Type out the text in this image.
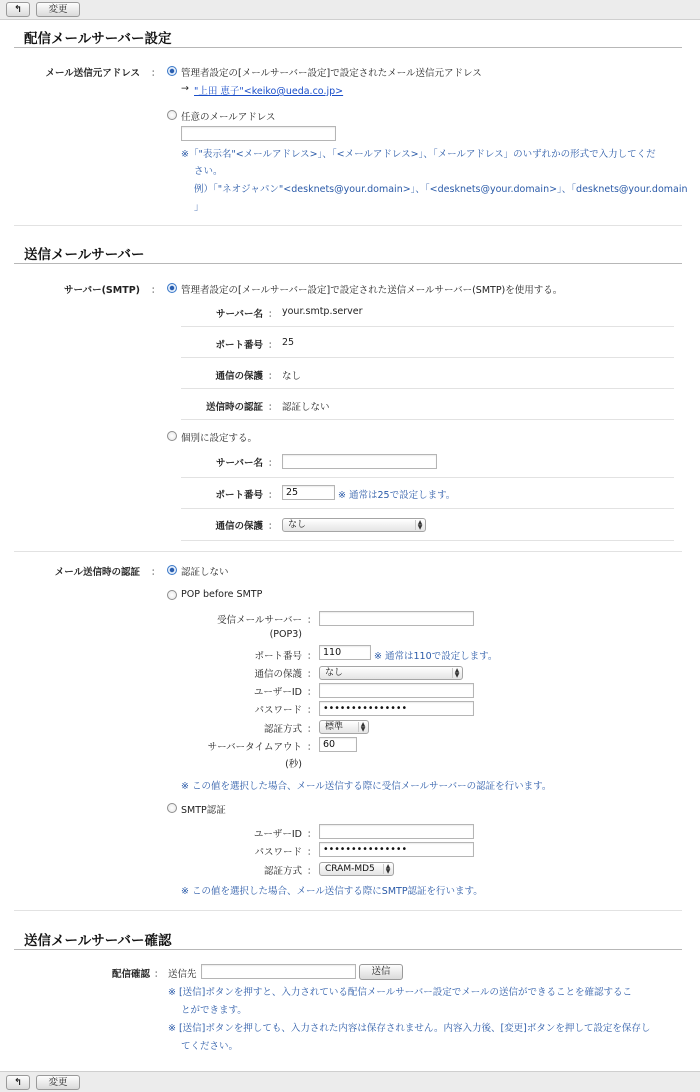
↰	変更
配信メールサーバー設定
メール送信元アドレス ： 管理者設定の[メールサーバー設定]で設定されたメール送信元アドレス
→ "上田 恵子"<keiko@ueda.co.jp>
任意のメールアドレス
※「"表示名"<メールアドレス>」、「<メールアドレス>」、「メールアドレス」のいずれかの形式で入力してくだ
さい。
例）「"ネオジャパン"<desknets@your.domain>」、「<desknets@your.domain>」、「desknets@your.domain
」
送信メールサーバー
サーバー(SMTP) ： 管理者設定の[メールサーバー設定]で設定された送信メールサーバー(SMTP)を使用する。
サーバー名 ： your.smtp.server
ポート番号 ： 25
通信の保護 ： なし
送信時の認証 ： 認証しない
個別に設定する。
サーバー名 ：
ポート番号 ： 25	※ 通常は25で設定します。
通信の保護 ：	なし	▲
▼
メール送信時の認証 ： 認証しない
POP before SMTP
受信メールサーバー ：
(POP3)
ポート番号 ： 110	※ 通常は110で設定します。
通信の保護 ： なし	▲
▼
ユーザーID ：
パスワード ： •••••••••••••••
認証方式 ： 標準	▲
▼
サーバータイムアウト ：
(秒)
60
※ この値を選択した場合、メール送信する際に受信メールサーバーの認証を行います。
SMTP認証
ユーザーID ：
パスワード ： •••••••••••••••
認証方式 ： CRAM-MD5	▲
▼
※ この値を選択した場合、メール送信する際にSMTP認証を行います。
送信メールサーバー確認
配信確認 ： 送信先	送信
※ [送信]ボタンを押すと、入力されている配信メールサーバー設定でメールの送信ができることを確認するこ
とができます。
※ [送信]ボタンを押しても、入力された内容は保存されません。内容入力後、[変更]ボタンを押して設定を保存し
てください。
↰	変更
